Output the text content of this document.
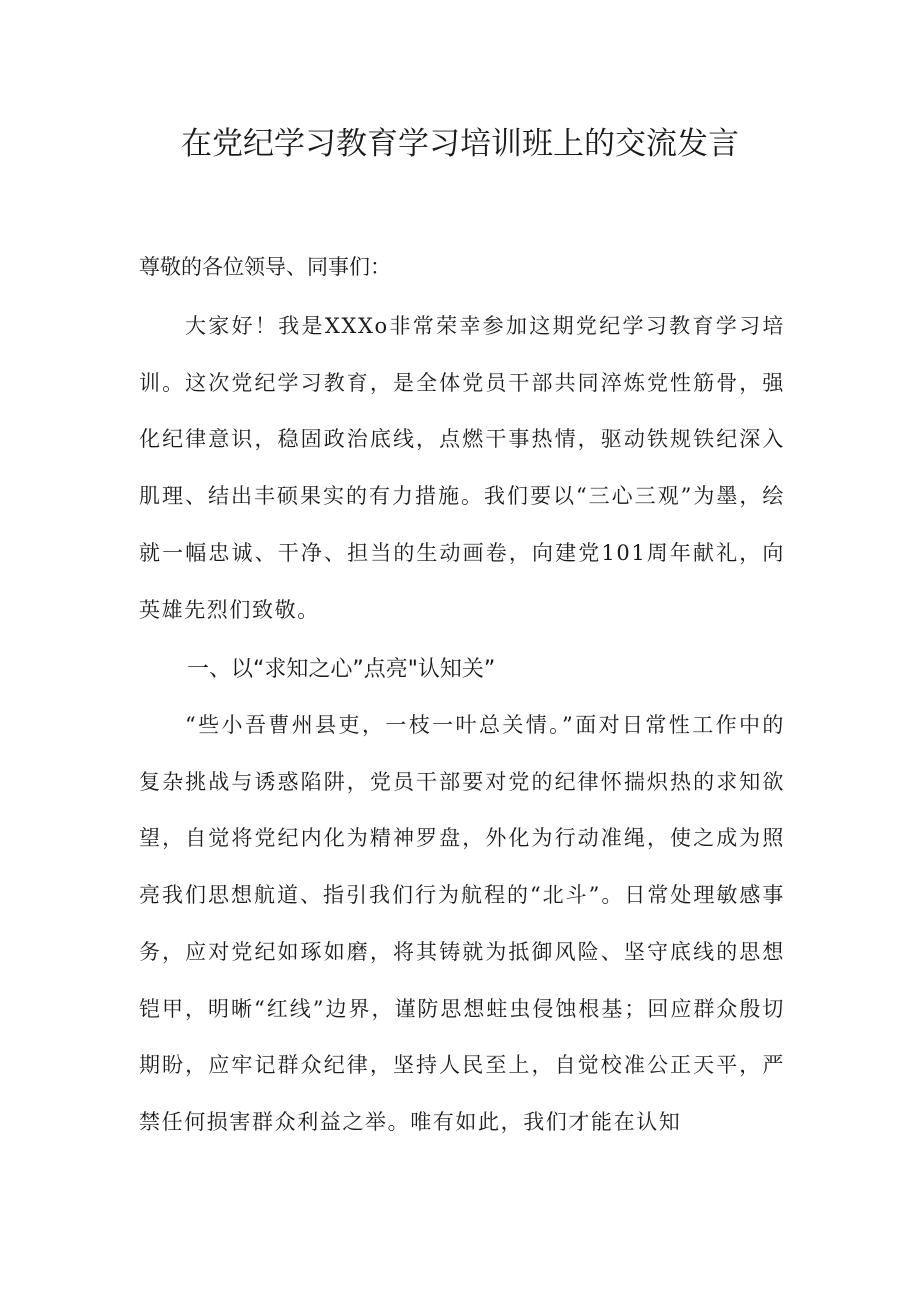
在党纪学习教育学习培训班上的交流发言

尊敬的各位领导、同事们：

大家好！我是XXXo非常荣幸参加这期党纪学习教育学习培训。这次党纪学习教育，是全体党员干部共同淬炼党性筋骨，强化纪律意识，稳固政治底线，点燃干事热情，驱动铁规铁纪深入肌理、结出丰硕果实的有力措施。我们要以“三心三观”为墨，绘就一幅忠诚、干净、担当的生动画卷，向建党101周年献礼，向英雄先烈们致敬。

一、以“求知之心”点亮"认知关”

“些小吾曹州县吏，一枝一叶总关情。”面对日常性工作中的复杂挑战与诱惑陷阱，党员干部要对党的纪律怀揣炽热的求知欲望，自觉将党纪内化为精神罗盘，外化为行动准绳，使之成为照亮我们思想航道、指引我们行为航程的“北斗”。日常处理敏感事务，应对党纪如琢如磨，将其铸就为抵御风险、坚守底线的思想铠甲，明晰“红线”边界，谨防思想蛀虫侵蚀根基；回应群众殷切期盼，应牢记群众纪律，坚持人民至上，自觉校准公正天平，严禁任何损害群众利益之举。唯有如此，我们才能在认知
